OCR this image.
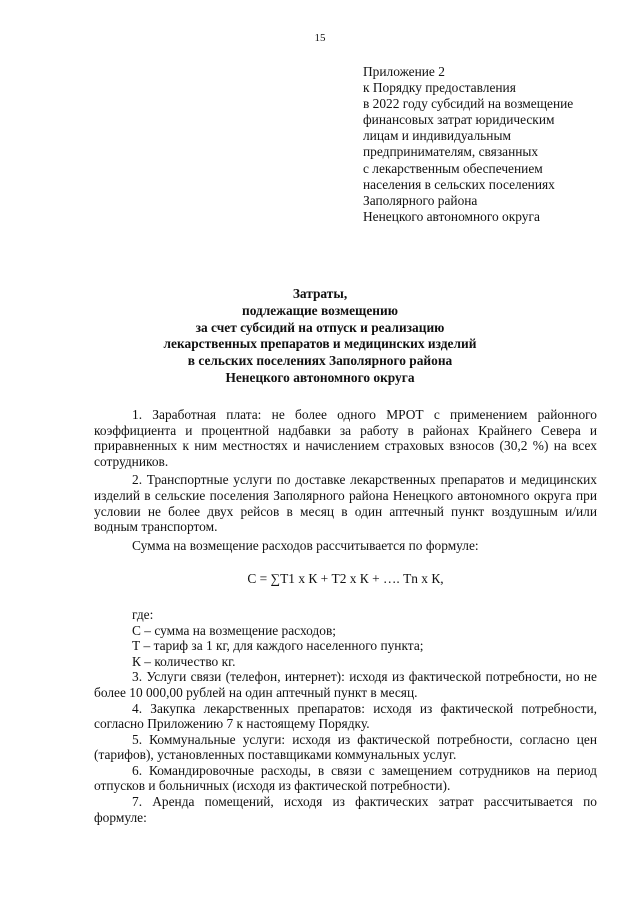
15
Приложение 2
к Порядку предоставления
в 2022 году субсидий на возмещение
финансовых затрат юридическим
лицам и индивидуальным
предпринимателям, связанных
с лекарственным обеспечением
населения в сельских поселениях
Заполярного района
Ненецкого автономного округа
Затраты,
подлежащие возмещению
за счет субсидий на отпуск и реализацию
лекарственных препаратов и медицинских изделий
в сельских поселениях Заполярного района
Ненецкого автономного округа

1. Заработная плата: не более одного МРОТ с применением районного коэффициента и процентной надбавки за работу в районах Крайнего Севера и приравненных к ним местностях и начислением страховых взносов (30,2 %) на всех сотрудников.

2. Транспортные услуги по доставке лекарственных препаратов и медицинских изделий в сельские поселения Заполярного района Ненецкого автономного округа при условии не более двух рейсов в месяц в один аптечный пункт воздушным и/или водным транспортом.

Сумма на возмещение расходов рассчитывается по формуле:

С = ∑Т1 х К + Т2 х К + …. Тn х К,

где:

С – сумма на возмещение расходов;

Т – тариф за 1 кг, для каждого населенного пункта;

К – количество кг.

3. Услуги связи (телефон, интернет): исходя из фактической потребности, но не более 10 000,00 рублей на один аптечный пункт в месяц.

4. Закупка лекарственных препаратов: исходя из фактической потребности, согласно Приложению 7 к настоящему Порядку.

5. Коммунальные услуги: исходя из фактической потребности, согласно цен (тарифов), установленных поставщиками коммунальных услуг.

6. Командировочные расходы, в связи с замещением сотрудников на период отпусков и больничных (исходя из фактической потребности).

7. Аренда помещений, исходя из фактических затрат рассчитывается по формуле:
